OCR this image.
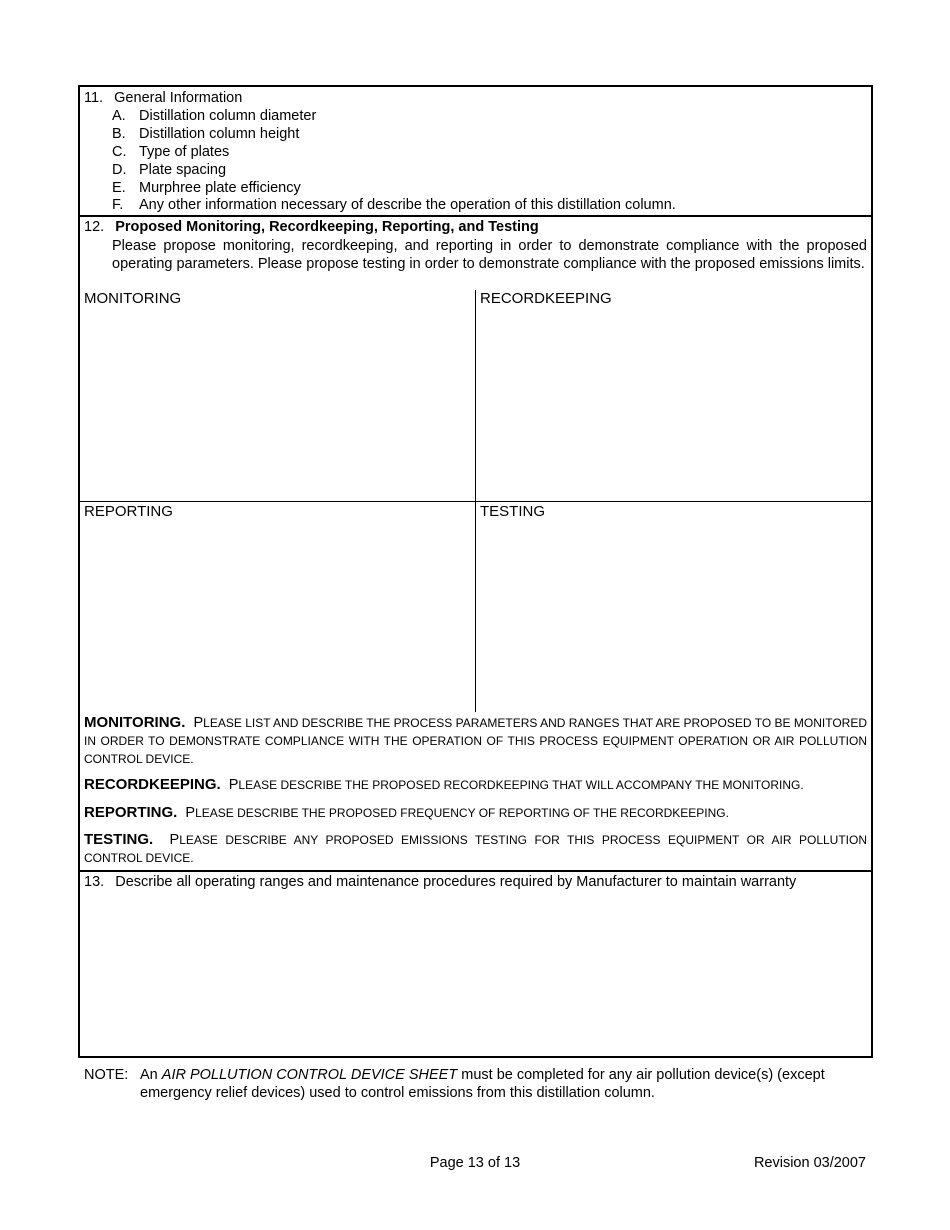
11. General Information
A. Distillation column diameter
B. Distillation column height
C. Type of plates
D. Plate spacing
E. Murphree plate efficiency
F. Any other information necessary of describe the operation of this distillation column.
12. Proposed Monitoring, Recordkeeping, Reporting, and Testing
Please propose monitoring, recordkeeping, and reporting in order to demonstrate compliance with the proposed operating parameters. Please propose testing in order to demonstrate compliance with the proposed emissions limits.
MONITORING	RECORDKEEPING
REPORTING	TESTING
MONITORING. PLEASE LIST AND DESCRIBE THE PROCESS PARAMETERS AND RANGES THAT ARE PROPOSED TO BE MONITORED IN ORDER TO DEMONSTRATE COMPLIANCE WITH THE OPERATION OF THIS PROCESS EQUIPMENT OPERATION OR AIR POLLUTION CONTROL DEVICE.
RECORDKEEPING. PLEASE DESCRIBE THE PROPOSED RECORDKEEPING THAT WILL ACCOMPANY THE MONITORING.
REPORTING. PLEASE DESCRIBE THE PROPOSED FREQUENCY OF REPORTING OF THE RECORDKEEPING.
TESTING. PLEASE DESCRIBE ANY PROPOSED EMISSIONS TESTING FOR THIS PROCESS EQUIPMENT OR AIR POLLUTION CONTROL DEVICE.
13. Describe all operating ranges and maintenance procedures required by Manufacturer to maintain warranty
NOTE: An AIR POLLUTION CONTROL DEVICE SHEET must be completed for any air pollution device(s) (except emergency relief devices) used to control emissions from this distillation column.
Page 13 of 13	Revision 03/2007
